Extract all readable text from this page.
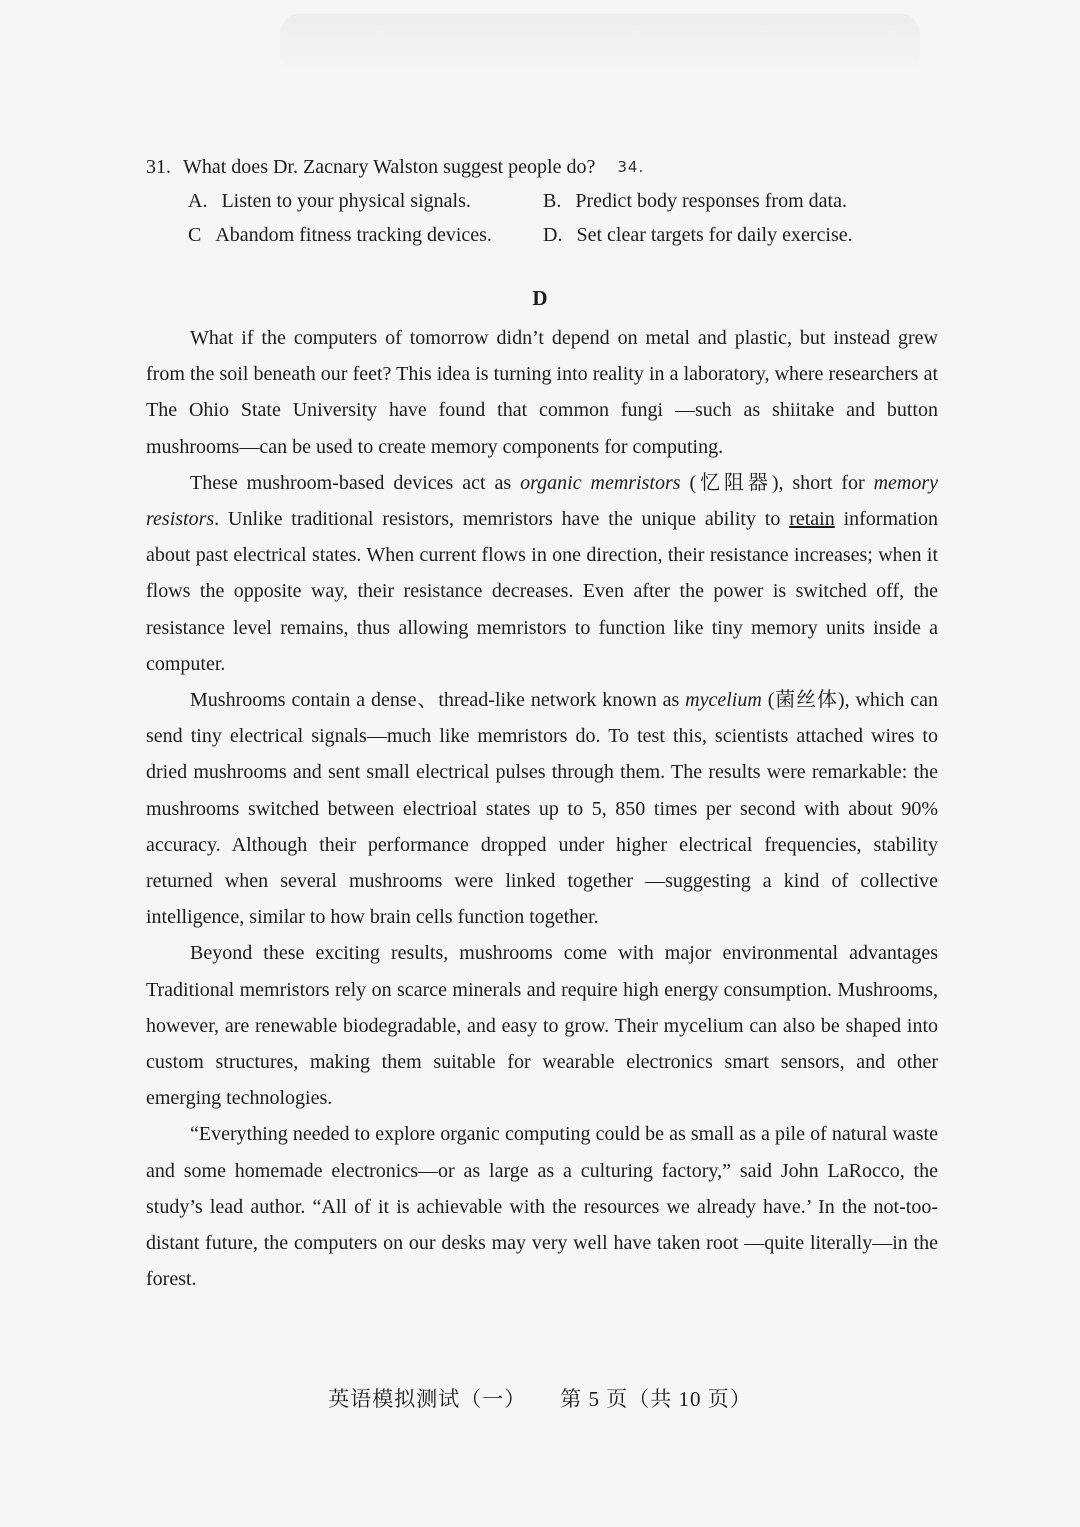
31. What does Dr. Zacnary Walston suggest people do? 34.
A. Listen to your physical signals.	B. Predict body responses from data.
C Abandom fitness tracking devices.	D. Set clear targets for daily exercise.
D

What if the computers of tomorrow didn’t depend on metal and plastic, but instead grew from the soil beneath our feet? This idea is turning into reality in a laboratory, where researchers at The Ohio State University have found that common fungi —such as shiitake and button mushrooms—can be used to create memory components for computing.

These mushroom-based devices act as organic memristors (忆阻器), short for memory resistors. Unlike traditional resistors, memristors have the unique ability to retain information about past electrical states. When current flows in one direction, their resistance increases; when it flows the opposite way, their resistance decreases. Even after the power is switched off, the resistance level remains, thus allowing memristors to function like tiny memory units inside a computer.

Mushrooms contain a dense、thread-like network known as mycelium (菌丝体), which can send tiny electrical signals—much like memristors do. To test this, scientists attached wires to dried mushrooms and sent small electrical pulses through them. The results were remarkable: the mushrooms switched between electrioal states up to 5, 850 times per second with about 90% accuracy. Although their performance dropped under higher electrical frequencies, stability returned when several mushrooms were linked together —suggesting a kind of collective intelligence, similar to how brain cells function together.

Beyond these exciting results, mushrooms come with major environmental advantages Traditional memristors rely on scarce minerals and require high energy consumption. Mushrooms, however, are renewable biodegradable, and easy to grow. Their mycelium can also be shaped into custom structures, making them suitable for wearable electronics smart sensors, and other emerging technologies.

“Everything needed to explore organic computing could be as small as a pile of natural waste and some homemade electronics—or as large as a culturing factory,” said John LaRocco, the study’s lead author. “All of it is achievable with the resources we already have.’ In the not-too-distant future, the computers on our desks may very well have taken root —quite literally—in the forest.

英语模拟测试（一） 第 5 页（共 10 页）
